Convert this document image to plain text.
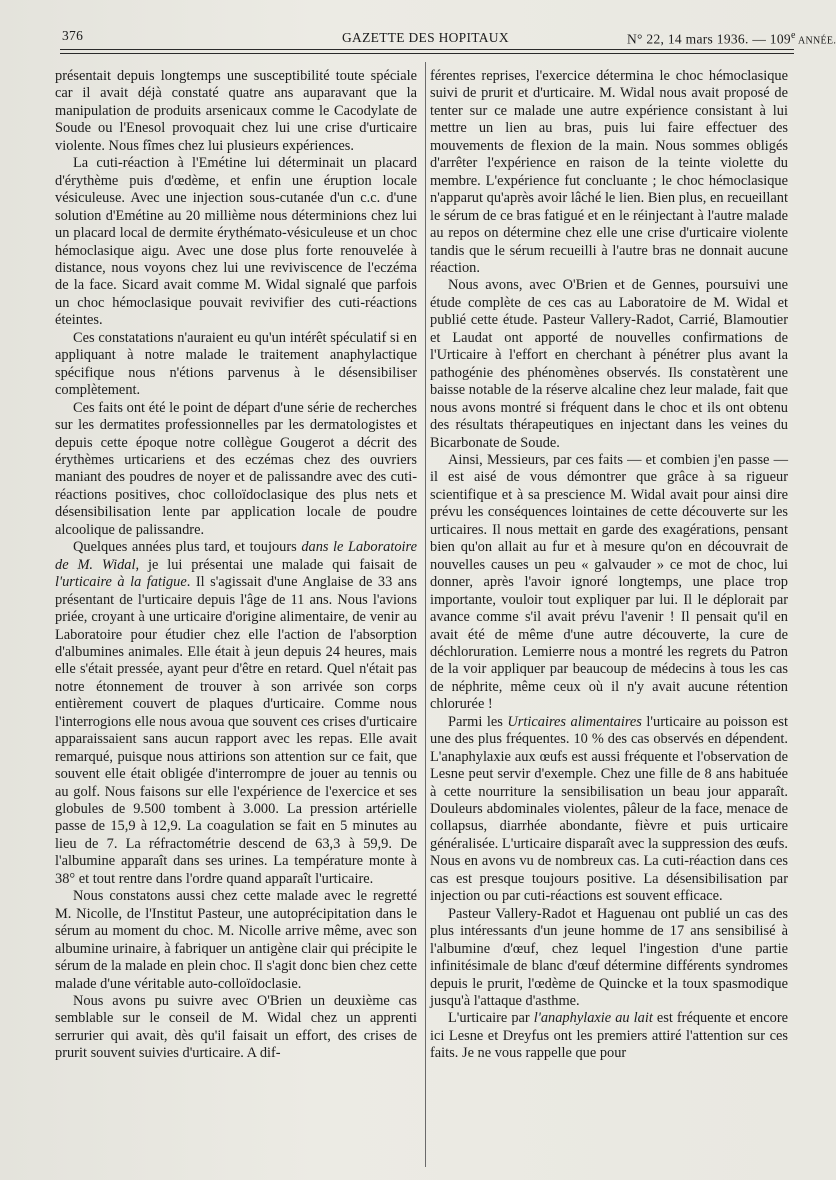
376	GAZETTE DES HOPITAUX	N° 22, 14 mars 1936. — 109e ANNÉE.

présentait depuis longtemps une susceptibilité toute spéciale car il avait déjà constaté quatre ans auparavant que la manipulation de produits arsenicaux comme le Cacodylate de Soude ou l'Enesol provoquait chez lui une crise d'urticaire violente. Nous fîmes chez lui plusieurs expériences.

La cuti-réaction à l'Emétine lui déterminait un placard d'érythème puis d'œdème, et enfin une éruption locale vésiculeuse. Avec une injection sous-cutanée d'un c.c. d'une solution d'Emétine au 20 millième nous déterminions chez lui un placard local de dermite érythémato-vésiculeuse et un choc hémoclasique aigu. Avec une dose plus forte renouvelée à distance, nous voyons chez lui une reviviscence de l'eczéma de la face. Sicard avait comme M. Widal signalé que parfois un choc hémoclasique pouvait revivifier des cuti-réactions éteintes.

Ces constatations n'auraient eu qu'un intérêt spéculatif si en appliquant à notre malade le traitement anaphylactique spécifique nous n'étions parvenus à le désensibiliser complètement.

Ces faits ont été le point de départ d'une série de recherches sur les dermatites professionnelles par les dermatologistes et depuis cette époque notre collègue Gougerot a décrit des érythèmes urticariens et des eczémas chez des ouvriers maniant des poudres de noyer et de palissandre avec des cuti-réactions positives, choc colloïdoclasique des plus nets et désensibilisation lente par application locale de poudre alcoolique de palissandre.

Quelques années plus tard, et toujours dans le Laboratoire de M. Widal, je lui présentai une malade qui faisait de l'urticaire à la fatigue. Il s'agissait d'une Anglaise de 33 ans présentant de l'urticaire depuis l'âge de 11 ans. Nous l'avions priée, croyant à une urticaire d'origine alimentaire, de venir au Laboratoire pour étudier chez elle l'action de l'absorption d'albumines animales. Elle était à jeun depuis 24 heures, mais elle s'était pressée, ayant peur d'être en retard. Quel n'était pas notre étonnement de trouver à son arrivée son corps entièrement couvert de plaques d'urticaire. Comme nous l'interrogions elle nous avoua que souvent ces crises d'urticaire apparaissaient sans aucun rapport avec les repas. Elle avait remarqué, puisque nous attirions son attention sur ce fait, que souvent elle était obligée d'interrompre de jouer au tennis ou au golf. Nous faisons sur elle l'expérience de l'exercice et ses globules de 9.500 tombent à 3.000. La pression artérielle passe de 15,9 à 12,9. La coagulation se fait en 5 minutes au lieu de 7. La réfractométrie descend de 63,3 à 59,9. De l'albumine apparaît dans ses urines. La température monte à 38° et tout rentre dans l'ordre quand apparaît l'urticaire.

Nous constatons aussi chez cette malade avec le regretté M. Nicolle, de l'Institut Pasteur, une autoprécipitation dans le sérum au moment du choc. M. Nicolle arrive même, avec son albumine urinaire, à fabriquer un antigène clair qui précipite le sérum de la malade en plein choc. Il s'agit donc bien chez cette malade d'une véritable auto-colloïdoclasie.

Nous avons pu suivre avec O'Brien un deuxième cas semblable sur le conseil de M. Widal chez un apprenti serrurier qui avait, dès qu'il faisait un effort, des crises de prurit souvent suivies d'urticaire. A dif-

férentes reprises, l'exercice détermina le choc hémoclasique suivi de prurit et d'urticaire. M. Widal nous avait proposé de tenter sur ce malade une autre expérience consistant à lui mettre un lien au bras, puis lui faire effectuer des mouvements de flexion de la main. Nous sommes obligés d'arrêter l'expérience en raison de la teinte violette du membre. L'expérience fut concluante ; le choc hémoclasique n'apparut qu'après avoir lâché le lien. Bien plus, en recueillant le sérum de ce bras fatigué et en le réinjectant à l'autre malade au repos on détermine chez elle une crise d'urticaire violente tandis que le sérum recueilli à l'autre bras ne donnait aucune réaction.

Nous avons, avec O'Brien et de Gennes, poursuivi une étude complète de ces cas au Laboratoire de M. Widal et publié cette étude. Pasteur Vallery-Radot, Carrié, Blamoutier et Laudat ont apporté de nouvelles confirmations de l'Urticaire à l'effort en cherchant à pénétrer plus avant la pathogénie des phénomènes observés. Ils constatèrent une baisse notable de la réserve alcaline chez leur malade, fait que nous avons montré si fréquent dans le choc et ils ont obtenu des résultats thérapeutiques en injectant dans les veines du Bicarbonate de Soude.

Ainsi, Messieurs, par ces faits — et combien j'en passe — il est aisé de vous démontrer que grâce à sa rigueur scientifique et à sa prescience M. Widal avait pour ainsi dire prévu les conséquences lointaines de cette découverte sur les urticaires. Il nous mettait en garde des exagérations, pensant bien qu'on allait au fur et à mesure qu'on en découvrait de nouvelles causes un peu « galvauder » ce mot de choc, lui donner, après l'avoir ignoré longtemps, une place trop importante, vouloir tout expliquer par lui. Il le déplorait par avance comme s'il avait prévu l'avenir ! Il pensait qu'il en avait été de même d'une autre découverte, la cure de déchloruration. Lemierre nous a montré les regrets du Patron de la voir appliquer par beaucoup de médecins à tous les cas de néphrite, même ceux où il n'y avait aucune rétention chlorurée !

Parmi les Urticaires alimentaires l'urticaire au poisson est une des plus fréquentes. 10 % des cas observés en dépendent. L'anaphylaxie aux œufs est aussi fréquente et l'observation de Lesne peut servir d'exemple. Chez une fille de 8 ans habituée à cette nourriture la sensibilisation un beau jour apparaît. Douleurs abdominales violentes, pâleur de la face, menace de collapsus, diarrhée abondante, fièvre et puis urticaire généralisée. L'urticaire disparaît avec la suppression des œufs. Nous en avons vu de nombreux cas. La cuti-réaction dans ces cas est presque toujours positive. La désensibilisation par injection ou par cuti-réactions est souvent efficace.

Pasteur Vallery-Radot et Haguenau ont publié un cas des plus intéressants d'un jeune homme de 17 ans sensibilisé à l'albumine d'œuf, chez lequel l'ingestion d'une partie infinitésimale de blanc d'œuf détermine différents syndromes depuis le prurit, l'œdème de Quincke et la toux spasmodique jusqu'à l'attaque d'asthme.

L'urticaire par l'anaphylaxie au lait est fréquente et encore ici Lesne et Dreyfus ont les premiers attiré l'attention sur ces faits. Je ne vous rappelle que pour
